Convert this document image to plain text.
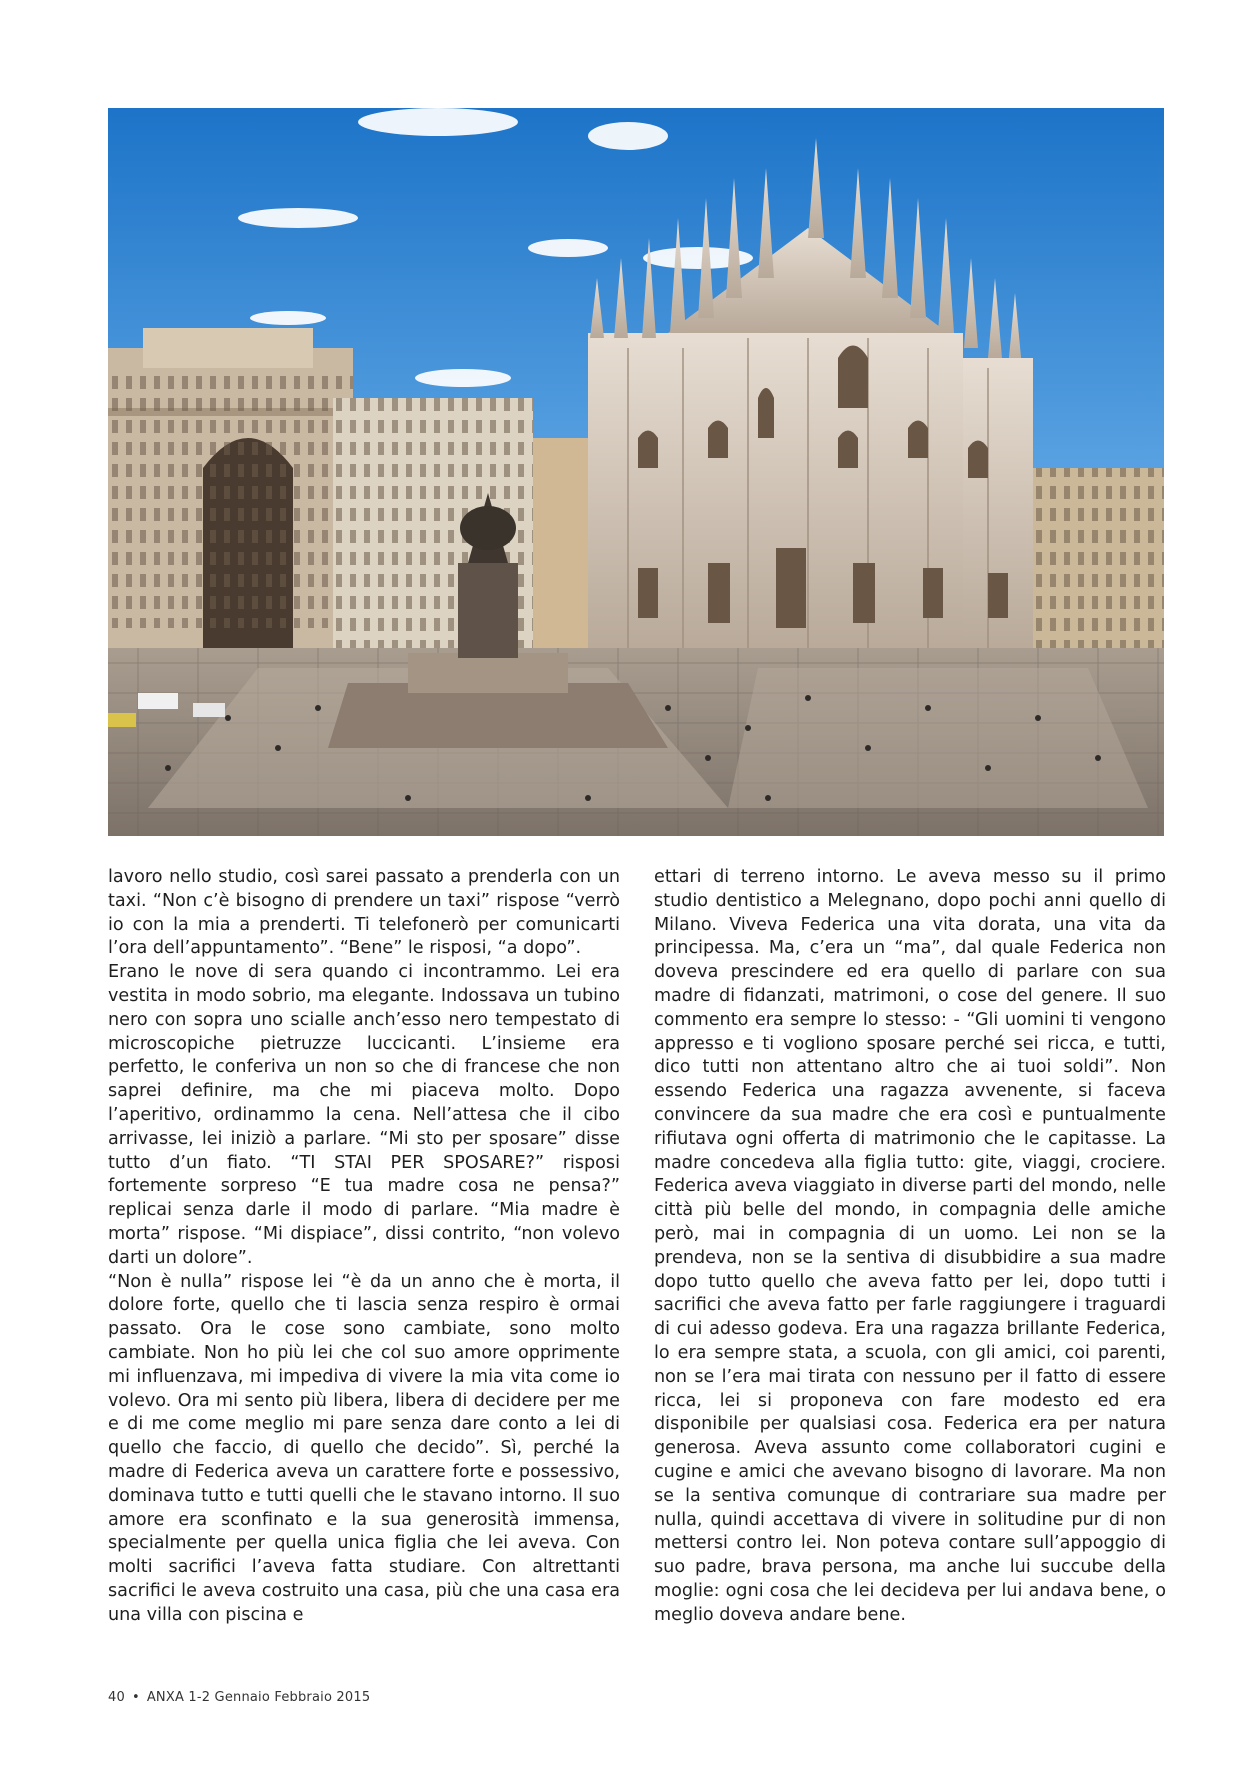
lavoro nello studio, così sarei passato a prenderla con un taxi. “Non c’è bisogno di prendere un taxi” rispose “verrò io con la mia a prenderti. Ti telefonerò per comunicarti l’ora dell’appuntamento”. “Bene” le risposi, “a dopo”.

Erano le nove di sera quando ci incontrammo. Lei era vestita in modo sobrio, ma elegante. Indossava un tubino nero con sopra uno scialle anch’esso nero tempestato di microscopiche pietruzze luccicanti. L’insieme era perfetto, le conferiva un non so che di francese che non saprei definire, ma che mi piaceva molto. Dopo l’aperitivo, ordinammo la cena. Nell’attesa che il cibo arrivasse, lei iniziò a parlare. “Mi sto per sposare” disse tutto d’un fiato. “TI STAI PER SPOSARE?” risposi fortemente sorpreso “E tua madre cosa ne pensa?” replicai senza darle il modo di parlare. “Mia madre è morta” rispose. “Mi dispiace”, dissi contrito, “non volevo darti un dolore”.

“Non è nulla” rispose lei “è da un anno che è morta, il dolore forte, quello che ti lascia senza respiro è ormai passato. Ora le cose sono cambiate, sono molto cambiate. Non ho più lei che col suo amore opprimente mi influenzava, mi impediva di vivere la mia vita come io volevo. Ora mi sento più libera, libera di decidere per me e di me come meglio mi pare senza dare conto a lei di quello che faccio, di quello che decido”. Sì, perché la madre di Federica aveva un carattere forte e possessivo, dominava tutto e tutti quelli che le stavano intorno. Il suo amore era sconfinato e la sua generosità immensa, specialmente per quella unica figlia che lei aveva. Con molti sacrifici l’aveva fatta studiare. Con altrettanti sacrifici le aveva costruito una casa, più che una casa era una villa con piscina e

ettari di terreno intorno. Le aveva messo su il primo studio dentistico a Melegnano, dopo pochi anni quello di Milano. Viveva Federica una vita dorata, una vita da principessa. Ma, c’era un “ma”, dal quale Federica non doveva prescindere ed era quello di parlare con sua madre di fidanzati, matrimoni, o cose del genere. Il suo commento era sempre lo stesso: - “Gli uomini ti vengono appresso e ti vogliono sposare perché sei ricca, e tutti, dico tutti non attentano altro che ai tuoi soldi”. Non essendo Federica una ragazza avvenente, si faceva convincere da sua madre che era così e puntualmente rifiutava ogni offerta di matrimonio che le capitasse. La madre concedeva alla figlia tutto: gite, viaggi, crociere. Federica aveva viaggiato in diverse parti del mondo, nelle città più belle del mondo, in compagnia delle amiche però, mai in compagnia di un uomo. Lei non se la prendeva, non se la sentiva di disubbidire a sua madre dopo tutto quello che aveva fatto per lei, dopo tutti i sacrifici che aveva fatto per farle raggiungere i traguardi di cui adesso godeva. Era una ragazza brillante Federica, lo era sempre stata, a scuola, con gli amici, coi parenti, non se l’era mai tirata con nessuno per il fatto di essere ricca, lei si proponeva con fare modesto ed era disponibile per qualsiasi cosa. Federica era per natura generosa. Aveva assunto come collaboratori cugini e cugine e amici che avevano bisogno di lavorare. Ma non se la sentiva comunque di contrariare sua madre per nulla, quindi accettava di vivere in solitudine pur di non mettersi contro lei. Non poteva contare sull’appoggio di suo padre, brava persona, ma anche lui succube della moglie: ogni cosa che lei decideva per lui andava bene, o meglio doveva andare bene.

40 • ANXA 1-2 Gennaio Febbraio 2015
